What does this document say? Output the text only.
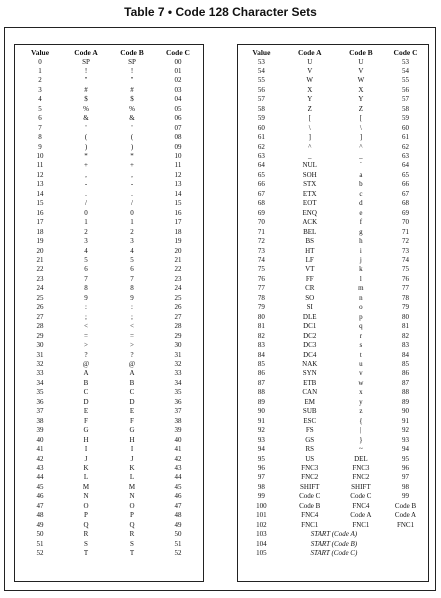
Table 7 • Code 128 Character Sets
Value	Code A	Code B	Code C
0	SP	SP	00
1	!	!	01
2	"	"	02
3	#	#	03
4	$	$	04
5	%	%	05
6	&	&	06
7	'	'	07
8	(	(	08
9	)	)	09
10	*	*	10
11	+	+	11
12	,	,	12
13	-	-	13
14	.	.	14
15	/	/	15
16	0	0	16
17	1	1	17
18	2	2	18
19	3	3	19
20	4	4	20
21	5	5	21
22	6	6	22
23	7	7	23
24	8	8	24
25	9	9	25
26	:	:	26
27	;	;	27
28	<	<	28
29	=	=	29
30	>	>	30
31	?	?	31
32	@	@	32
33	A	A	33
34	B	B	34
35	C	C	35
36	D	D	36
37	E	E	37
38	F	F	38
39	G	G	39
40	H	H	40
41	I	I	41
42	J	J	42
43	K	K	43
44	L	L	44
45	M	M	45
46	N	N	46
47	O	O	47
48	P	P	48
49	Q	Q	49
50	R	R	50
51	S	S	51
52	T	T	52
Value	Code A	Code B	Code C
53	U	U	53
54	V	V	54
55	W	W	55
56	X	X	56
57	Y	Y	57
58	Z	Z	58
59	[	[	59
60	\	\	60
61	]	]	61
62	^	^	62
63	_	_	63
64	NUL	`	64
65	SOH	a	65
66	STX	b	66
67	ETX	c	67
68	EOT	d	68
69	ENQ	e	69
70	ACK	f	70
71	BEL	g	71
72	BS	h	72
73	HT	i	73
74	LF	j	74
75	VT	k	75
76	FF	l	76
77	CR	m	77
78	SO	n	78
79	SI	o	79
80	DLE	p	80
81	DC1	q	81
82	DC2	r	82
83	DC3	s	83
84	DC4	t	84
85	NAK	u	85
86	SYN	v	86
87	ETB	w	87
88	CAN	x	88
89	EM	y	89
90	SUB	z	90
91	ESC	{	91
92	FS	|	92
93	GS	}	93
94	RS	~	94
95	US	DEL	95
96	FNC3	FNC3	96
97	FNC2	FNC2	97
98	SHIFT	SHIFT	98
99	Code C	Code C	99
100	Code B	FNC4	Code B
101	FNC4	Code A	Code A
102	FNC1	FNC1	FNC1
103	START (Code A)		
104	START (Code B)		
105	START (Code C)		
